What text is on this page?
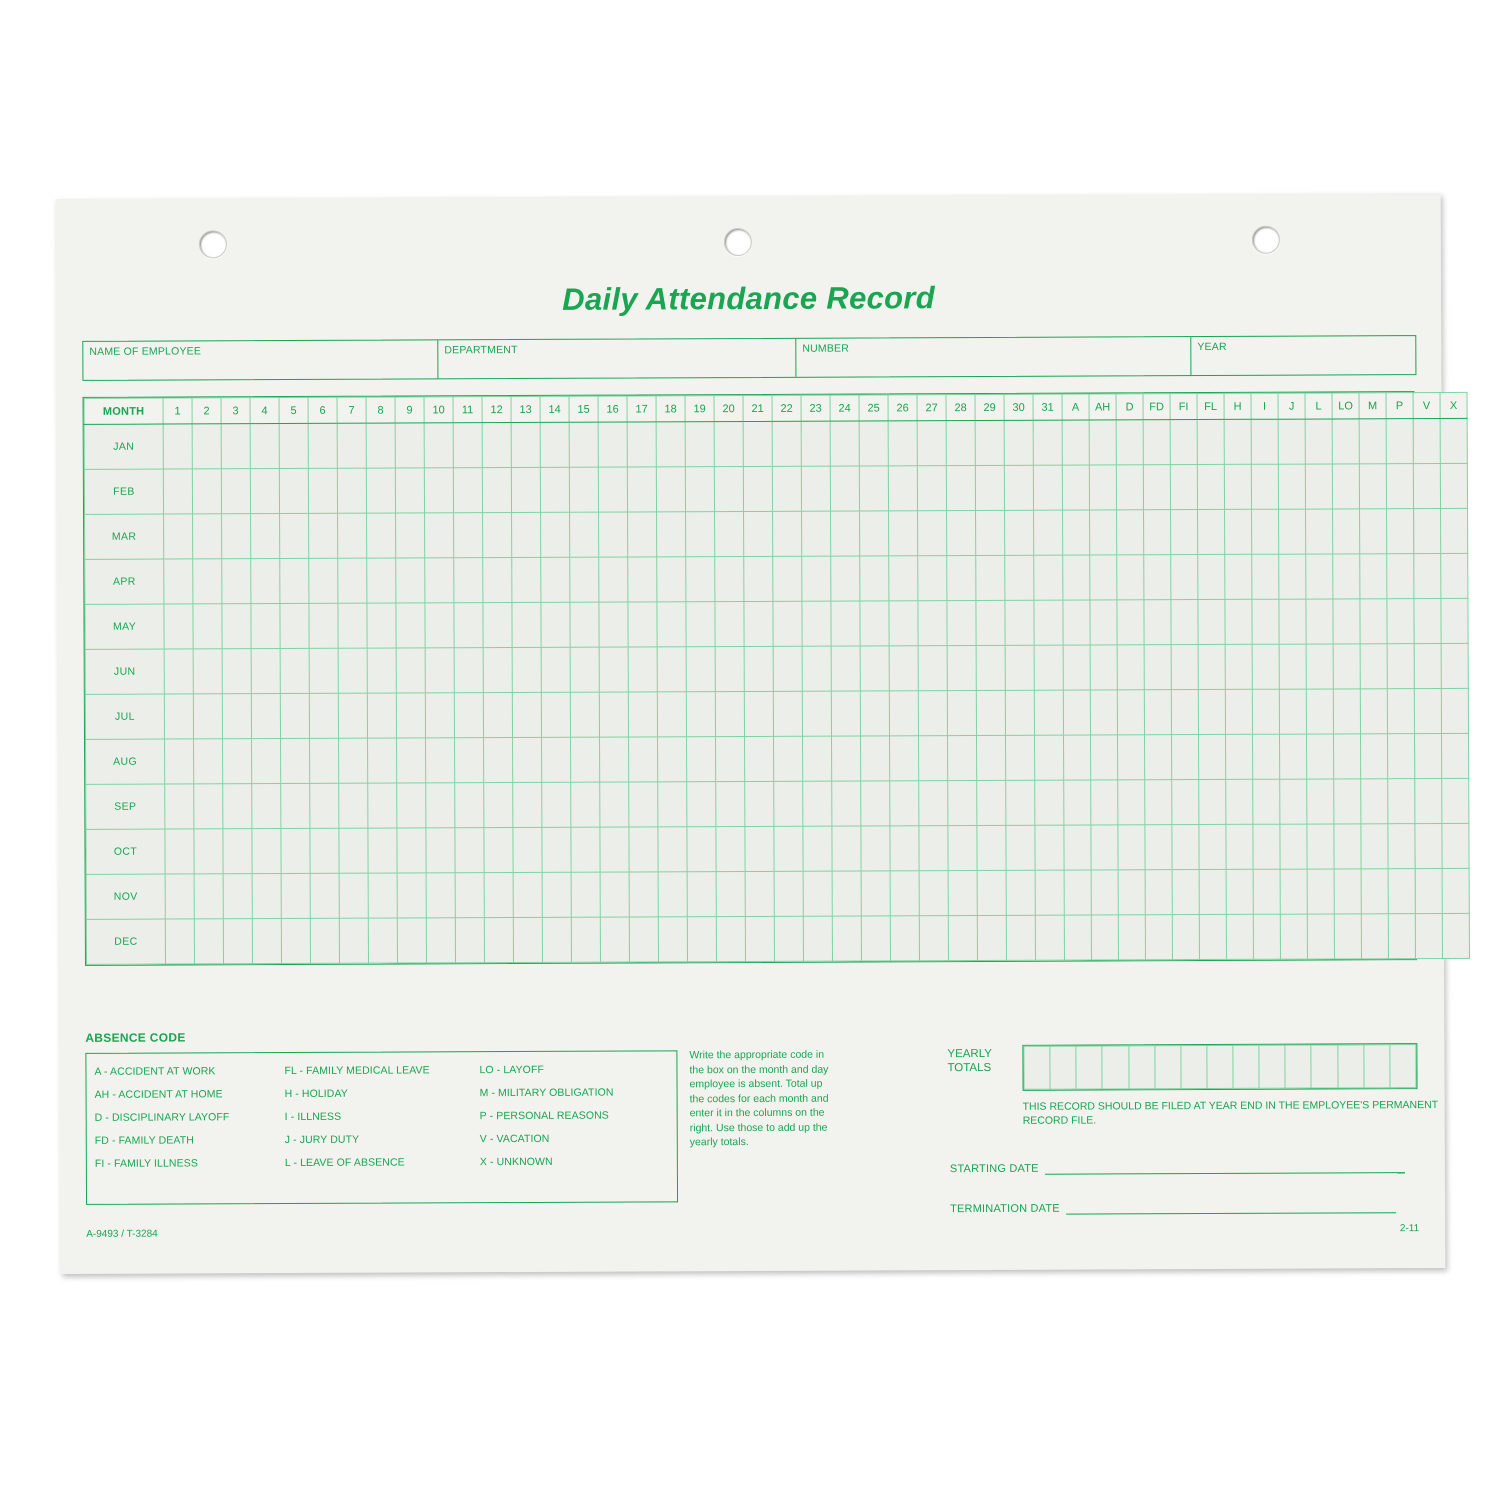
Daily Attendance Record
NAME OF EMPLOYEE	DEPARTMENT	NUMBER	YEAR
MONTH	1	2	3	4	5	6	7	8	9	10	11	12	13	14	15	16	17	18	19	20	21	22	23	24	25	26	27	28	29	30	31	A	AH	D	FD	FI	FL	H	I	J	L	LO	M	P	V	X
JAN																																														
FEB																																														
MAR																																														
APR																																														
MAY																																														
JUN																																														
JUL																																														
AUG																																														
SEP																																														
OCT																																														
NOV																																														
DEC																																														
ABSENCE CODE
A - ACCIDENT AT WORK
AH - ACCIDENT AT HOME
D - DISCIPLINARY LAYOFF
FD - FAMILY DEATH
FI - FAMILY ILLNESS
FL - FAMILY MEDICAL LEAVE
H - HOLIDAY
I - ILLNESS
J - JURY DUTY
L - LEAVE OF ABSENCE
LO - LAYOFF
M - MILITARY OBLIGATION
P - PERSONAL REASONS
V - VACATION
X - UNKNOWN
Write the appropriate code in the box on the month and day employee is absent. Total up the codes for each month and enter it in the columns on the right. Use those to add up the yearly totals.
YEARLY TOTALS

THIS RECORD SHOULD BE FILED AT YEAR END IN THE EMPLOYEE'S PERMANENT RECORD FILE.
STARTING DATE
TERMINATION DATE
A-9493 / T-3284	2-11
